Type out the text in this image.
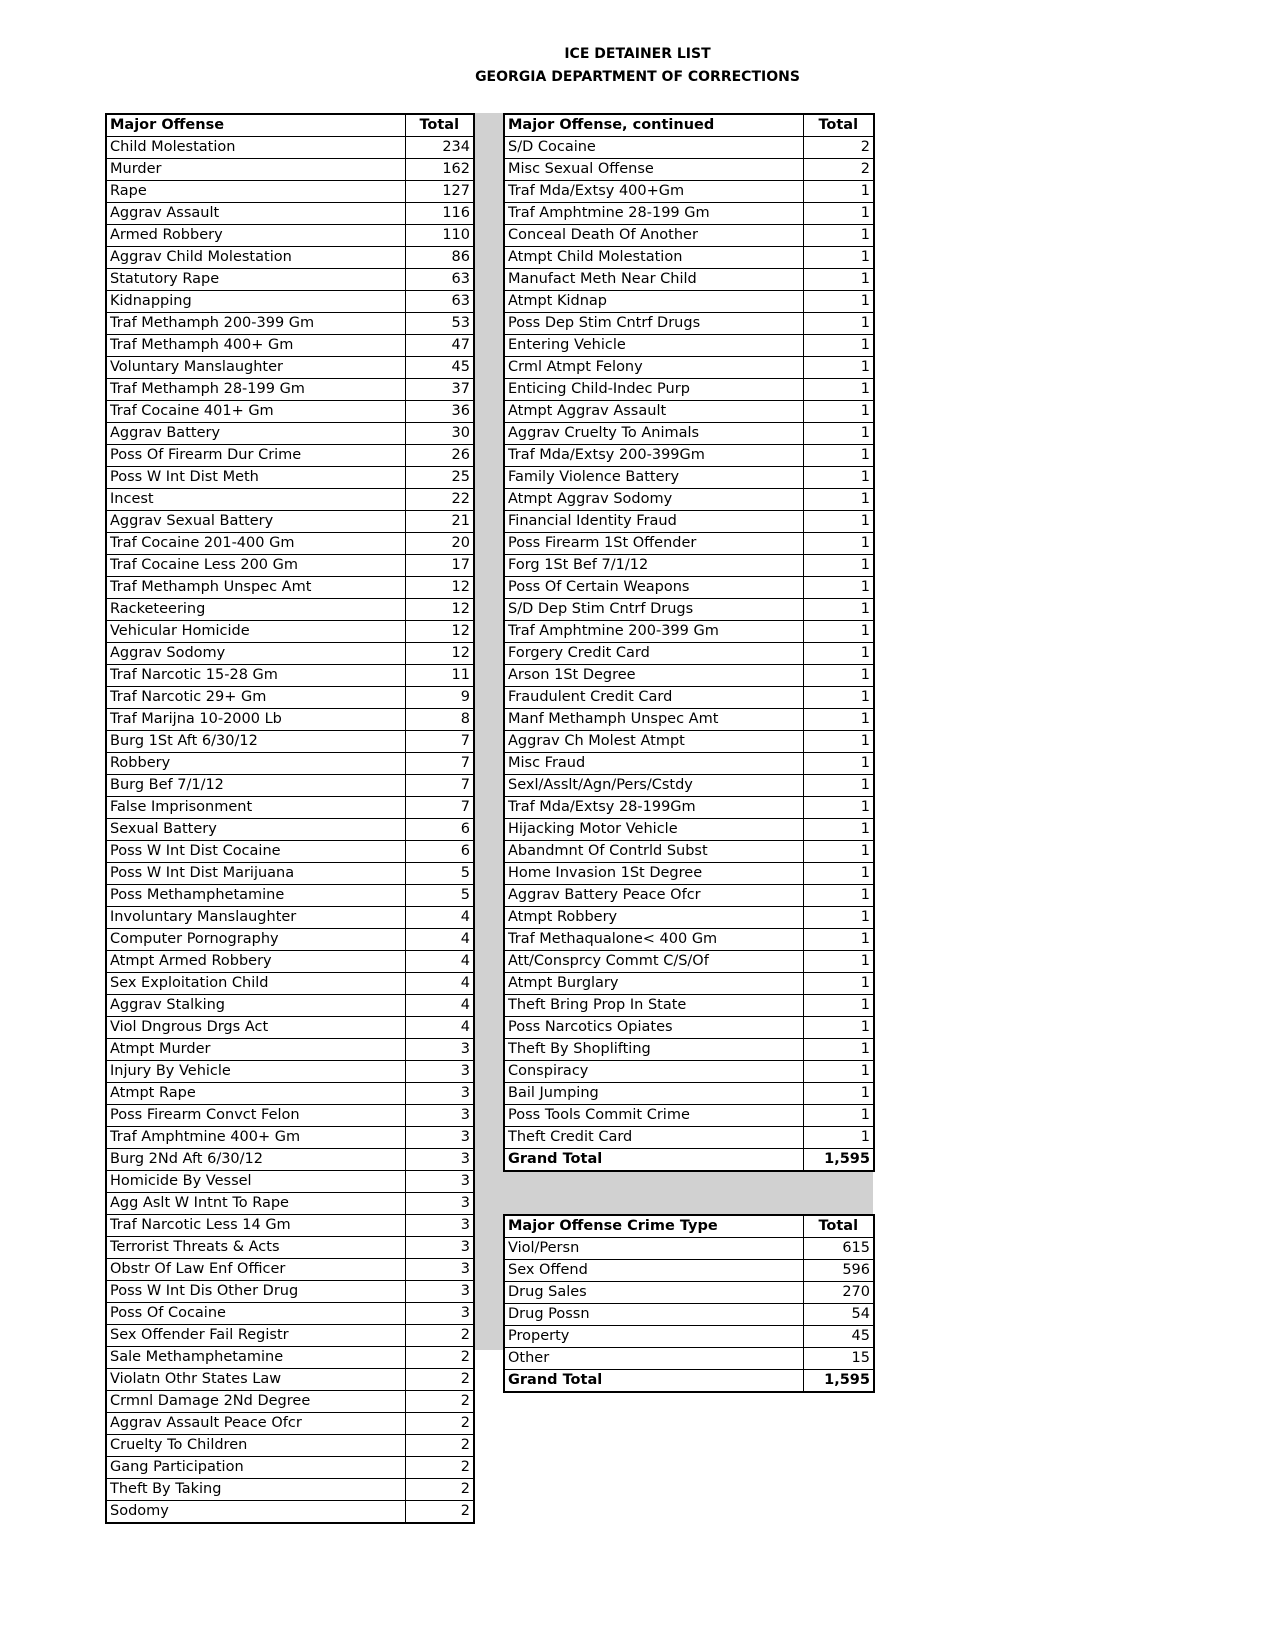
ICE DETAINER LIST
GEORGIA DEPARTMENT OF CORRECTIONS
Major Offense	Total
Child Molestation	234
Murder	162
Rape	127
Aggrav Assault	116
Armed Robbery	110
Aggrav Child Molestation	86
Statutory Rape	63
Kidnapping	63
Traf Methamph 200-399 Gm	53
Traf Methamph 400+ Gm	47
Voluntary Manslaughter	45
Traf Methamph 28-199 Gm	37
Traf Cocaine 401+ Gm	36
Aggrav Battery	30
Poss Of Firearm Dur Crime	26
Poss W Int Dist Meth	25
Incest	22
Aggrav Sexual Battery	21
Traf Cocaine 201-400 Gm	20
Traf Cocaine Less 200 Gm	17
Traf Methamph Unspec Amt	12
Racketeering	12
Vehicular Homicide	12
Aggrav Sodomy	12
Traf Narcotic 15-28 Gm	11
Traf Narcotic 29+ Gm	9
Traf Marijna 10-2000 Lb	8
Burg 1St Aft 6/30/12	7
Robbery	7
Burg Bef 7/1/12	7
False Imprisonment	7
Sexual Battery	6
Poss W Int Dist Cocaine	6
Poss W Int Dist Marijuana	5
Poss Methamphetamine	5
Involuntary Manslaughter	4
Computer Pornography	4
Atmpt Armed Robbery	4
Sex Exploitation Child	4
Aggrav Stalking	4
Viol Dngrous Drgs Act	4
Atmpt Murder	3
Injury By Vehicle	3
Atmpt Rape	3
Poss Firearm Convct Felon	3
Traf Amphtmine 400+ Gm	3
Burg 2Nd Aft 6/30/12	3
Homicide By Vessel	3
Agg Aslt W Intnt To Rape	3
Traf Narcotic Less 14 Gm	3
Terrorist Threats & Acts	3
Obstr Of Law Enf Officer	3
Poss W Int Dis Other Drug	3
Poss Of Cocaine	3
Sex Offender Fail Registr	2
Sale Methamphetamine	2
Violatn Othr States Law	2
Crmnl Damage 2Nd Degree	2
Aggrav Assault Peace Ofcr	2
Cruelty To Children	2
Gang Participation	2
Theft By Taking	2
Sodomy	2
Major Offense, continued	Total
S/D Cocaine	2
Misc Sexual Offense	2
Traf Mda/Extsy 400+Gm	1
Traf Amphtmine 28-199 Gm	1
Conceal Death Of Another	1
Atmpt Child Molestation	1
Manufact Meth Near Child	1
Atmpt Kidnap	1
Poss Dep Stim Cntrf Drugs	1
Entering Vehicle	1
Crml Atmpt Felony	1
Enticing Child-Indec Purp	1
Atmpt Aggrav Assault	1
Aggrav Cruelty To Animals	1
Traf Mda/Extsy 200-399Gm	1
Family Violence Battery	1
Atmpt Aggrav Sodomy	1
Financial Identity Fraud	1
Poss Firearm 1St Offender	1
Forg 1St Bef 7/1/12	1
Poss Of Certain Weapons	1
S/D Dep Stim Cntrf Drugs	1
Traf Amphtmine 200-399 Gm	1
Forgery Credit Card	1
Arson 1St Degree	1
Fraudulent Credit Card	1
Manf Methamph Unspec Amt	1
Aggrav Ch Molest Atmpt	1
Misc Fraud	1
Sexl/Asslt/Agn/Pers/Cstdy	1
Traf Mda/Extsy 28-199Gm	1
Hijacking Motor Vehicle	1
Abandmnt Of Contrld Subst	1
Home Invasion 1St Degree	1
Aggrav Battery Peace Ofcr	1
Atmpt Robbery	1
Traf Methaqualone< 400 Gm	1
Att/Consprcy Commt C/S/Of	1
Atmpt Burglary	1
Theft Bring Prop In State	1
Poss Narcotics Opiates	1
Theft By Shoplifting	1
Conspiracy	1
Bail Jumping	1
Poss Tools Commit Crime	1
Theft Credit Card	1
Grand Total	1,595
Major Offense Crime Type	Total
Viol/Persn	615
Sex Offend	596
Drug Sales	270
Drug Possn	54
Property	45
Other	15
Grand Total	1,595
